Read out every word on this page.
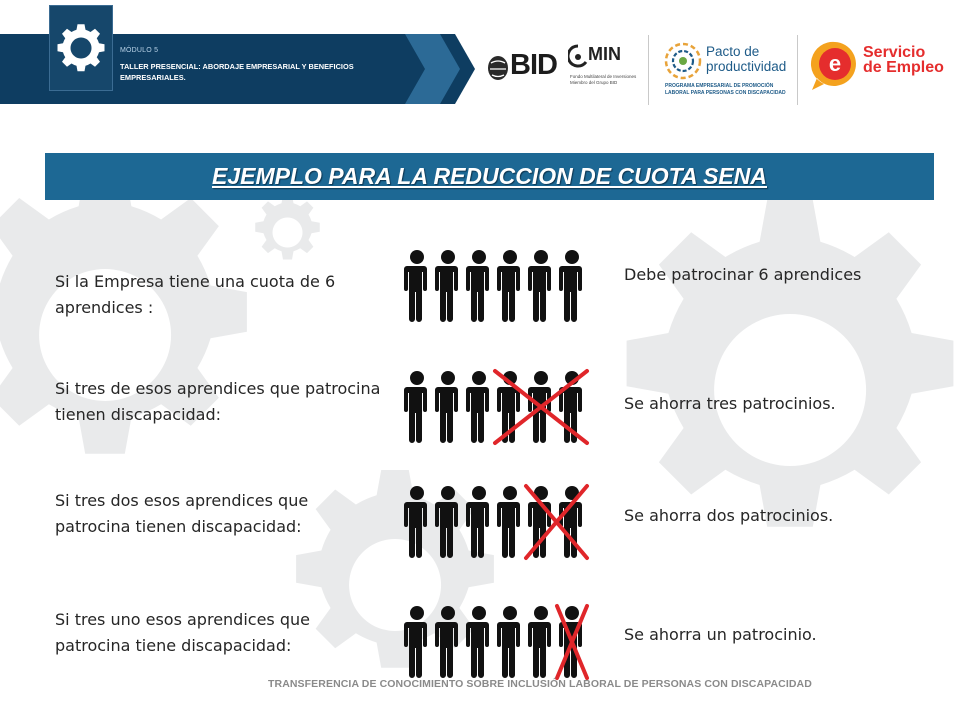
MÓDULO 5
TALLER PRESENCIAL: ABORDAJE EMPRESARIAL Y BENEFICIOS EMPRESARIALES.	BID MIN
Fondo Multilateral de Inversiones Miembro del Grupo BID
Pacto de
productividad
PROGRAMA EMPRESARIAL DE PROMOCIÓN LABORAL PARA PERSONAS CON DISCAPACIDAD
e Servicio
de Empleo
EJEMPLO PARA LA REDUCCION DE CUOTA SENA
Si la Empresa tiene una cuota de 6 aprendices :
Debe patrocinar 6 aprendices
Si tres de esos aprendices que patrocina tienen discapacidad:
Se ahorra tres patrocinios.
Si tres dos esos aprendices que patrocina tienen discapacidad:
Se ahorra dos patrocinios.
Si tres uno esos aprendices que patrocina tiene discapacidad:
Se ahorra un patrocinio.
TRANSFERENCIA DE CONOCIMIENTO SOBRE INCLUSIÓN LABORAL DE PERSONAS CON DISCAPACIDAD
